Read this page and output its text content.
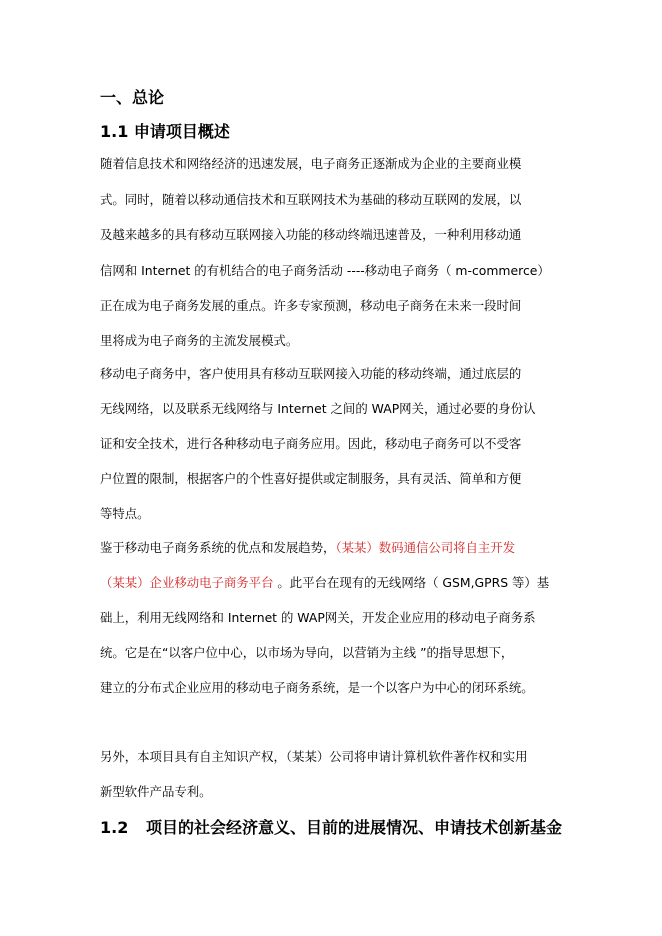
一、总论
1.1 申请项目概述
随着信息技术和网络经济的迅速发展，电子商务正逐渐成为企业的主要商业模
式。同时，随着以移动通信技术和互联网技术为基础的移动互联网的发展，以
及越来越多的具有移动互联网接入功能的移动终端迅速普及，一种利用移动通
信网和 Internet 的有机结合的电子商务活动 ----移动电子商务（ m-commerce）
正在成为电子商务发展的重点。许多专家预测，移动电子商务在未来一段时间
里将成为电子商务的主流发展模式。
移动电子商务中，客户使用具有移动互联网接入功能的移动终端，通过底层的
无线网络，以及联系无线网络与 Internet 之间的 WAP网关，通过必要的身份认
证和安全技术，进行各种移动电子商务应用。因此，移动电子商务可以不受客
户位置的限制，根据客户的个性喜好提供或定制服务，具有灵活、简单和方便
等特点。
鉴于移动电子商务系统的优点和发展趋势，（某某）数码通信公司将自主开发
（某某）企业移动电子商务平台 。此平台在现有的无线网络（ GSM,GPRS 等）基
础上，利用无线网络和 Internet 的 WAP网关，开发企业应用的移动电子商务系
统。它是在“以客户位中心，以市场为导向，以营销为主线 ”的指导思想下，
建立的分布式企业应用的移动电子商务系统，是一个以客户为中心的闭环系统。
另外，本项目具有自主知识产权，（某某）公司将申请计算机软件著作权和实用
新型软件产品专利。
1.2 项目的社会经济意义、目前的进展情况、申请技术创新基金
